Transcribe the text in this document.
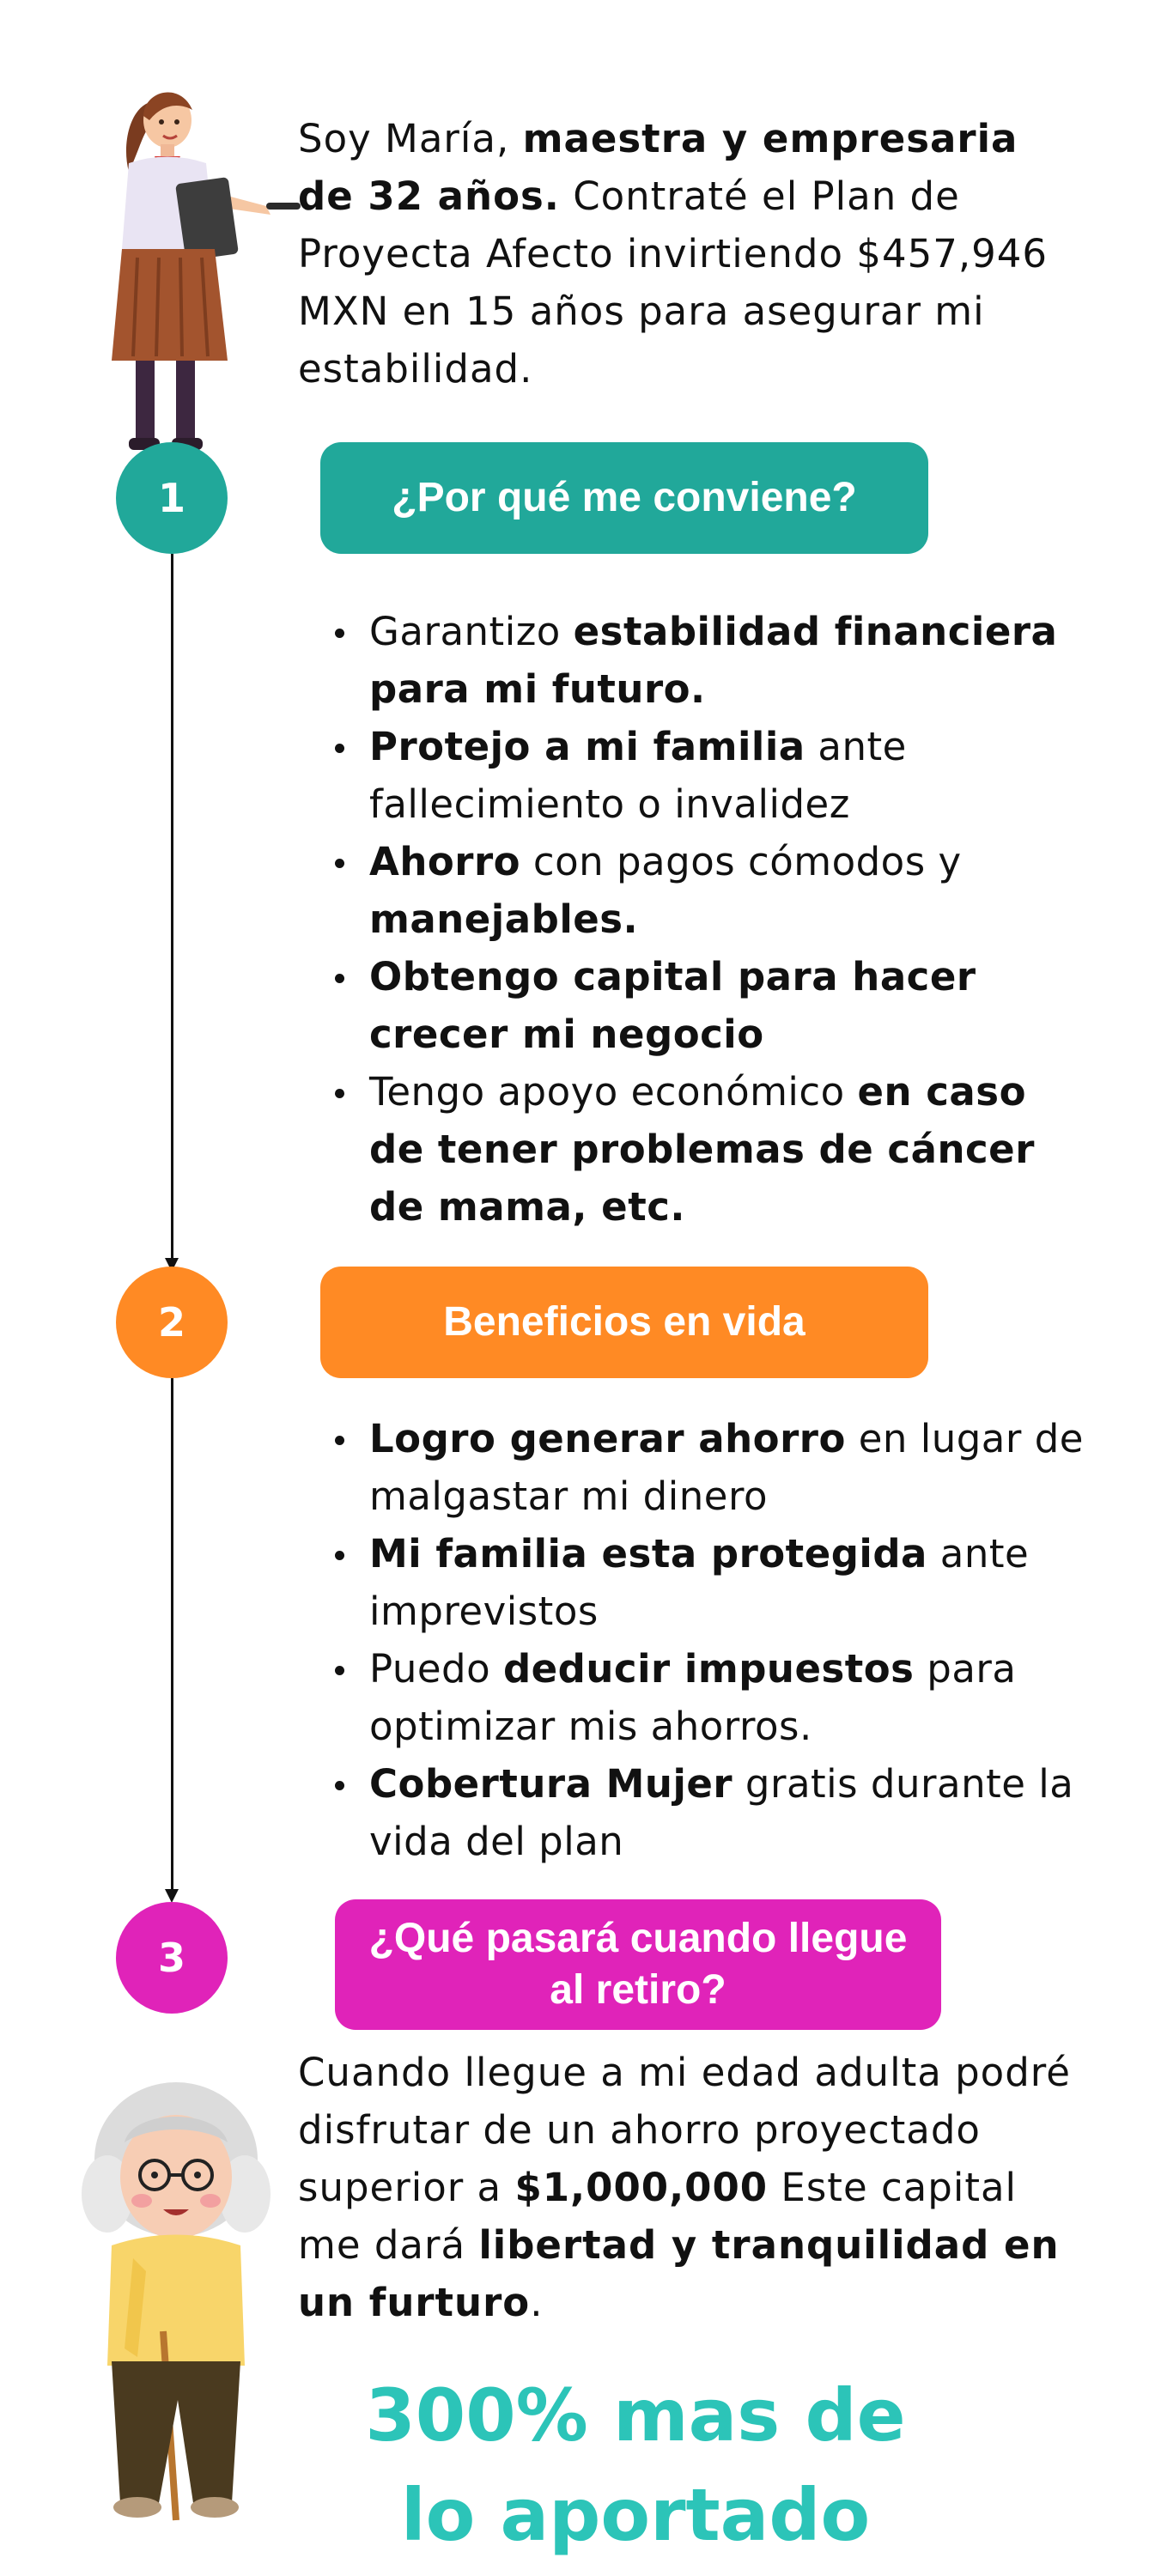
Soy María, maestra y empresaria de 32 años. Contraté el Plan de Proyecta Afecto invirtiendo $457,946 MXN en 15 años para asegurar mi estabilidad.
1	¿Por qué me conviene?
Garantizo estabilidad financiera para mi futuro.
Protejo a mi familia ante fallecimiento o invalidez
Ahorro con pagos cómodos y manejables.
Obtengo capital para hacer crecer mi negocio
Tengo apoyo económico en caso de tener problemas de cáncer de mama, etc.
2	Beneficios en vida
Logro generar ahorro en lugar de malgastar mi dinero
Mi familia esta protegida ante imprevistos
Puedo deducir impuestos para optimizar mis ahorros.
Cobertura Mujer gratis durante la vida del plan
3	¿Qué pasará cuando llegue
al retiro?
Cuando llegue a mi edad adulta podré disfrutar de un ahorro proyectado superior a $1,000,000 Este capital me dará libertad y tranquilidad en un furturo.
300% mas de
lo aportado
